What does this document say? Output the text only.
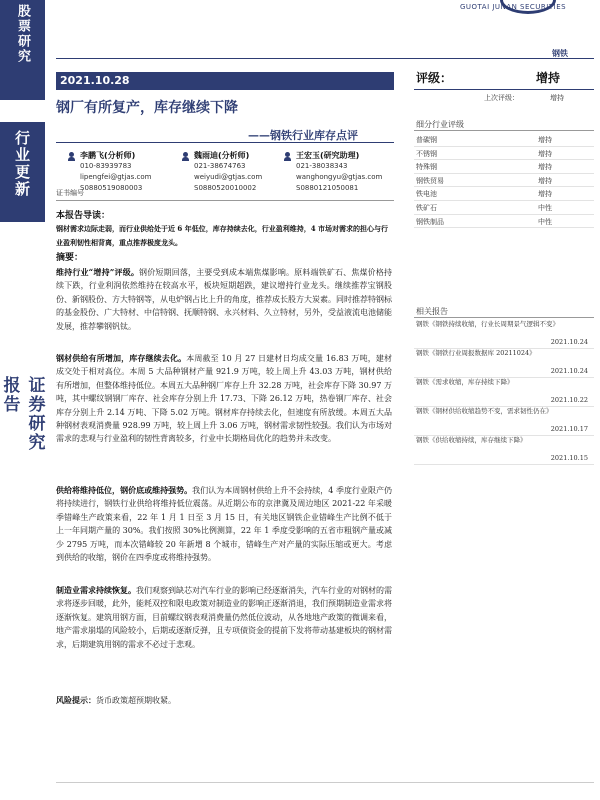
股票研究
行业更新
证券研究报告
GUOTAI JUNAN SECURITIES
钢铁
2021.10.28
钢厂有所复产，库存继续下降
——钢铁行业库存点评
李鹏飞(分析师)
010-83939783
lipengfei@gtjas.com
S0880519080003
魏雨迪(分析师)
021-38674763
weiyudi@gtjas.com
S0880520010002
王宏玉(研究助理)
021-38038343
wanghongyu@gtjas.com
S0880121050081
证书编号
本报告导读：
钢材需求边际走弱，而行业供给处于近 6 年低位，库存持续去化，行业盈利维持，4 市场对需求的担心与行业盈利韧性相背离，重点推荐极度龙头。
摘要：
维持行业“增持”评级。钢价短期回落，主要受到成本端焦煤影响。原料端铁矿石、焦煤价格持续下跌，行业利润依然维持在较高水平，板块短期超跌，建议增持行业龙头。继续推荐宝钢股份、新钢股份、方大特钢等，从电炉钢占比上升的角度，推荐成长股方大炭素。同时推荐特钢标的基金股份、广大特材、中信特钢、抚顺特钢、永兴材料、久立特材，另外，受益液流电池储能发展，推荐攀钢钒钛。
钢材供给有所增加，库存继续去化。本周截至 10 月 27 日建材日均成交量 16.83 万吨，建材成交处于相对高位。本周 5 大品种钢材产量 921.9 万吨，较上周上升 43.03 万吨，钢材供给有所增加，但整体维持低位。本周五大品种钢厂库存上升 32.28 万吨，社会库存下降 30.97 万吨，其中螺纹钢钢厂库存、社会库存分别上升 17.73、下降 26.12 万吨，热卷钢厂库存、社会库存分别上升 2.14 万吨、下降 5.02 万吨。钢材库存持续去化，但速度有所放缓。本周五大品种钢材表观消费量 928.99 万吨，较上周上升 3.06 万吨，钢材需求韧性较强。我们认为市场对需求的悲观与行业盈利的韧性背离较多，行业中长期格局优化的趋势并未改变。
供给将维持低位，钢价底或维持强势。我们认为本周钢材供给上升不会持续，4 季度行业限产仍将持续进行，钢铁行业供给将维持低位震荡。从近期公布的京津冀及周边地区 2021-22 年采暖季错峰生产政策来看，22 年 1 月 1 日至 3 月 15 日，有关地区钢铁企业错峰生产比例不低于上一年同期产量的 30%。我们按照 30%比例测算，22 年 1 季度受影响的五省市粗钢产量或减少 2795 万吨，而本次错峰较 20 年新增 8 个城市，错峰生产对产量的实际压缩或更大。考虑到供给的收缩，钢价在四季度或将维持强势。
制造业需求持续恢复。我们观察到缺芯对汽车行业的影响已经逐渐消失，汽车行业的对钢材的需求将逐步回暖，此外，能耗双控和限电政策对制造业的影响正逐渐消退，我们预期制造业需求将逐渐恢复。建筑用钢方面，目前螺纹钢表观消费量仍然低位波动，从各地地产政策的微调来看，地产需求崩塌的风险较小，后期或逐渐反弹，且专项债资金的提前下发将带动基建板块的钢材需求，后期建筑用钢的需求不必过于悲观。
风险提示：货币政策超预期收紧。
评级：	增持
上次评级：	增持
细分行业评级
普碳钢	增持
不锈钢	增持
特殊钢	增持
钢铁贸易	增持
铁电池	增持
铁矿石	中性
钢铁制品	中性
相关报告
钢铁《钢铁持续收缩，行业长周期景气逻辑不变》
2021.10.24
钢铁《钢铁行业周报数据库 20211024》
2021.10.24
钢铁《需求收缩，库存持续下降》
2021.10.22
钢铁《钢材供给收缩趋势不变，需求韧性仍在》
2021.10.17
钢铁《供给收缩持续，库存继续下降》
2021.10.15
